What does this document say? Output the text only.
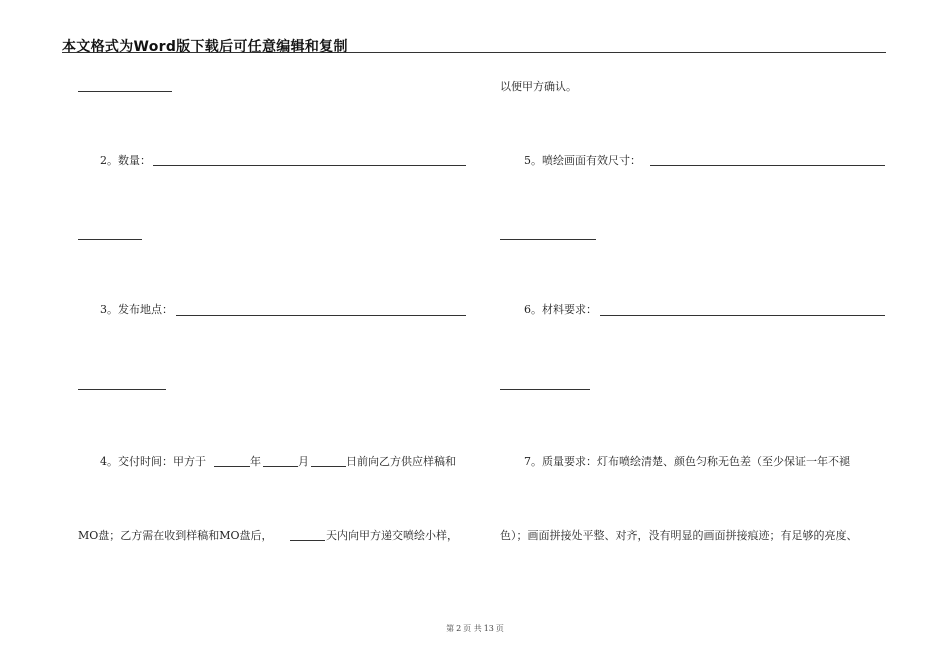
本文格式为Word版下载后可任意编辑和复制
2。数量：
3。发布地点：
4。交付时间：甲方于	年	月	日前向乙方供应样稿和
MO盘；乙方需在收到样稿和MO盘后，	天内向甲方递交喷绘小样，
以便甲方确认。
5。喷绘画面有效尺寸：
6。材料要求：
7。质量要求：灯布喷绘清楚、颜色匀称无色差（至少保证一年不褪
色）；画面拼接处平整、对齐，没有明显的画面拼接痕迹；有足够的亮度、
第 2 页 共 13 页
